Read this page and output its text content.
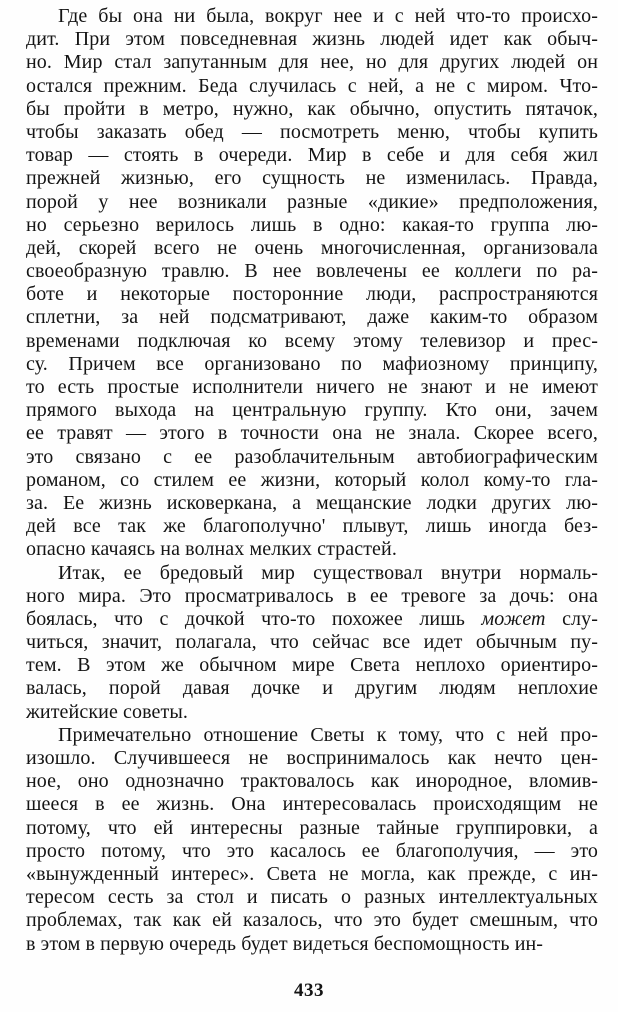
Где бы она ни была, вокруг нее и с ней что-то происхо-
дит. При этом повседневная жизнь людей идет как обыч-
но. Мир стал запутанным для нее, но для других людей он
остался прежним. Беда случилась с ней, а не с миром. Что-
бы пройти в метро, нужно, как обычно, опустить пятачок,
чтобы заказать обед — посмотреть меню, чтобы купить
товар — стоять в очереди. Мир в себе и для себя жил
прежней жизнью, его сущность не изменилась. Правда,
порой у нее возникали разные «дикие» предположения,
но серьезно верилось лишь в одно: какая-то группа лю-
дей, скорей всего не очень многочисленная, организовала
своеобразную травлю. В нее вовлечены ее коллеги по ра-
боте и некоторые посторонние люди, распространяются
сплетни, за ней подсматривают, даже каким-то образом
временами подключая ко всему этому телевизор и прес-
су. Причем все организовано по мафиозному принципу,
то есть простые исполнители ничего не знают и не имеют
прямого выхода на центральную группу. Кто они, зачем
ее травят — этого в точности она не знала. Скорее всего,
это связано с ее разоблачительным автобиографическим
романом, со стилем ее жизни, который колол кому-то гла-
за. Ее жизнь исковеркана, а мещанские лодки других лю-
дей все так же благополучно' плывут, лишь иногда без-
опасно качаясь на волнах мелких страстей.
Итак, ее бредовый мир существовал внутри нормаль-
ного мира. Это просматривалось в ее тревоге за дочь: она
боялась, что с дочкой что-то похожее лишь может слу-
читься, значит, полагала, что сейчас все идет обычным пу-
тем. В этом же обычном мире Света неплохо ориентиро-
валась, порой давая дочке и другим людям неплохие
житейские советы.
Примечательно отношение Светы к тому, что с ней про-
изошло. Случившееся не воспринималось как нечто цен-
ное, оно однозначно трактовалось как инородное, вломив-
шееся в ее жизнь. Она интересовалась происходящим не
потому, что ей интересны разные тайные группировки, а
просто потому, что это касалось ее благополучия, — это
«вынужденный интерес». Света не могла, как прежде, с ин-
тересом сесть за стол и писать о разных интеллектуальных
проблемах, так как ей казалось, что это будет смешным, что
в этом в первую очередь будет видеться беспомощность ин-
433
